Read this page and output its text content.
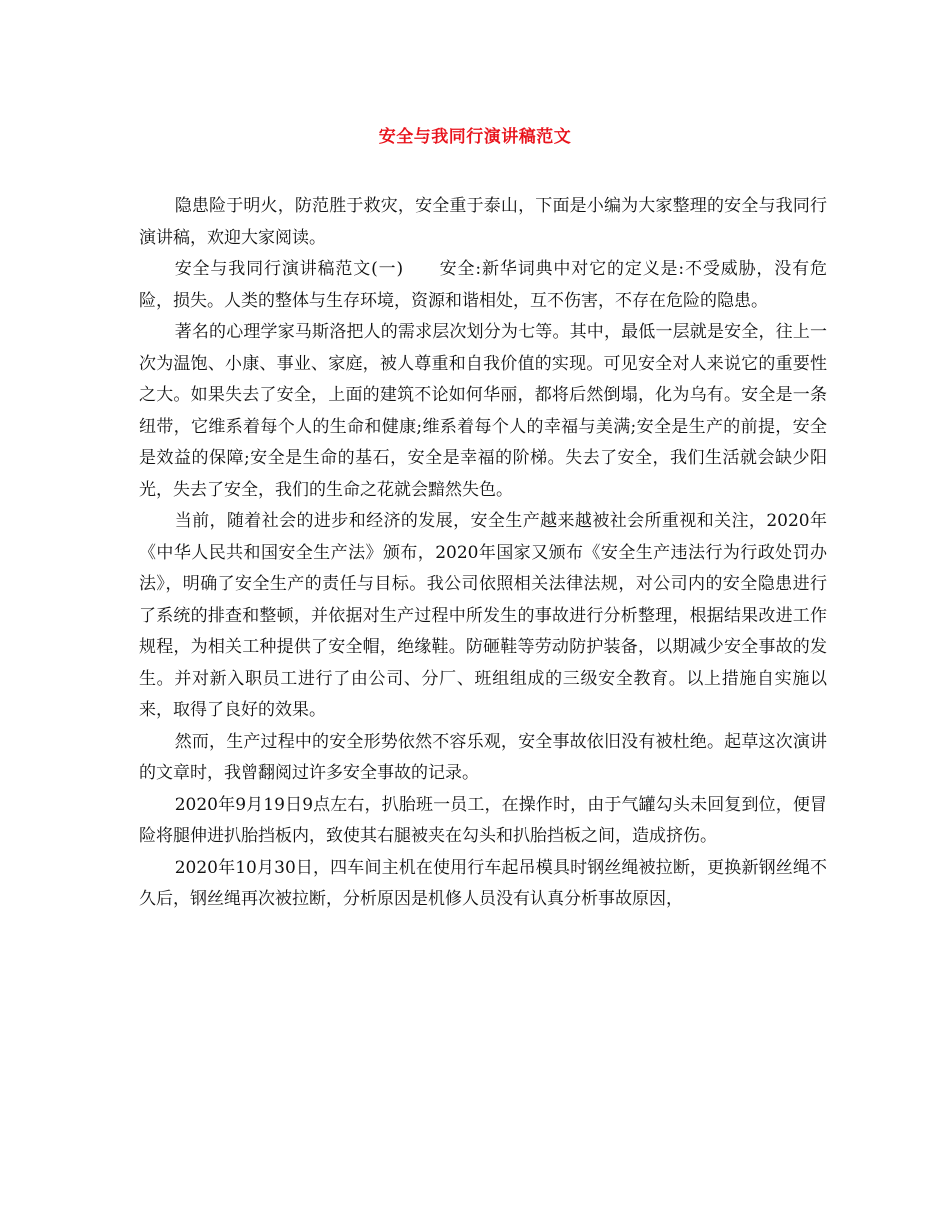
安全与我同行演讲稿范文

隐患险于明火，防范胜于救灾，安全重于泰山，下面是小编为大家整理的安全与我同行演讲稿，欢迎大家阅读。

安全与我同行演讲稿范文(一)　　安全:新华词典中对它的定义是:不受威胁，没有危险，损失。人类的整体与生存环境，资源和谐相处，互不伤害，不存在危险的隐患。

著名的心理学家马斯洛把人的需求层次划分为七等。其中，最低一层就是安全，往上一次为温饱、小康、事业、家庭，被人尊重和自我价值的实现。可见安全对人来说它的重要性之大。如果失去了安全，上面的建筑不论如何华丽，都将后然倒塌，化为乌有。安全是一条纽带，它维系着每个人的生命和健康;维系着每个人的幸福与美满;安全是生产的前提，安全是效益的保障;安全是生命的基石，安全是幸福的阶梯。失去了安全，我们生活就会缺少阳光，失去了安全，我们的生命之花就会黯然失色。

当前，随着社会的进步和经济的发展，安全生产越来越被社会所重视和关注，2020年《中华人民共和国安全生产法》颁布，2020年国家又颁布《安全生产违法行为行政处罚办法》，明确了安全生产的责任与目标。我公司依照相关法律法规，对公司内的安全隐患进行了系统的排查和整顿，并依据对生产过程中所发生的事故进行分析整理，根据结果改进工作规程，为相关工种提供了安全帽，绝缘鞋。防砸鞋等劳动防护装备，以期减少安全事故的发生。并对新入职员工进行了由公司、分厂、班组组成的三级安全教育。以上措施自实施以来，取得了良好的效果。

然而，生产过程中的安全形势依然不容乐观，安全事故依旧没有被杜绝。起草这次演讲的文章时，我曾翻阅过许多安全事故的记录。

2020年9月19日9点左右，扒胎班一员工，在操作时，由于气罐勾头未回复到位，便冒险将腿伸进扒胎挡板内，致使其右腿被夹在勾头和扒胎挡板之间，造成挤伤。

2020年10月30日，四车间主机在使用行车起吊模具时钢丝绳被拉断，更换新钢丝绳不久后，钢丝绳再次被拉断，分析原因是机修人员没有认真分析事故原因，
